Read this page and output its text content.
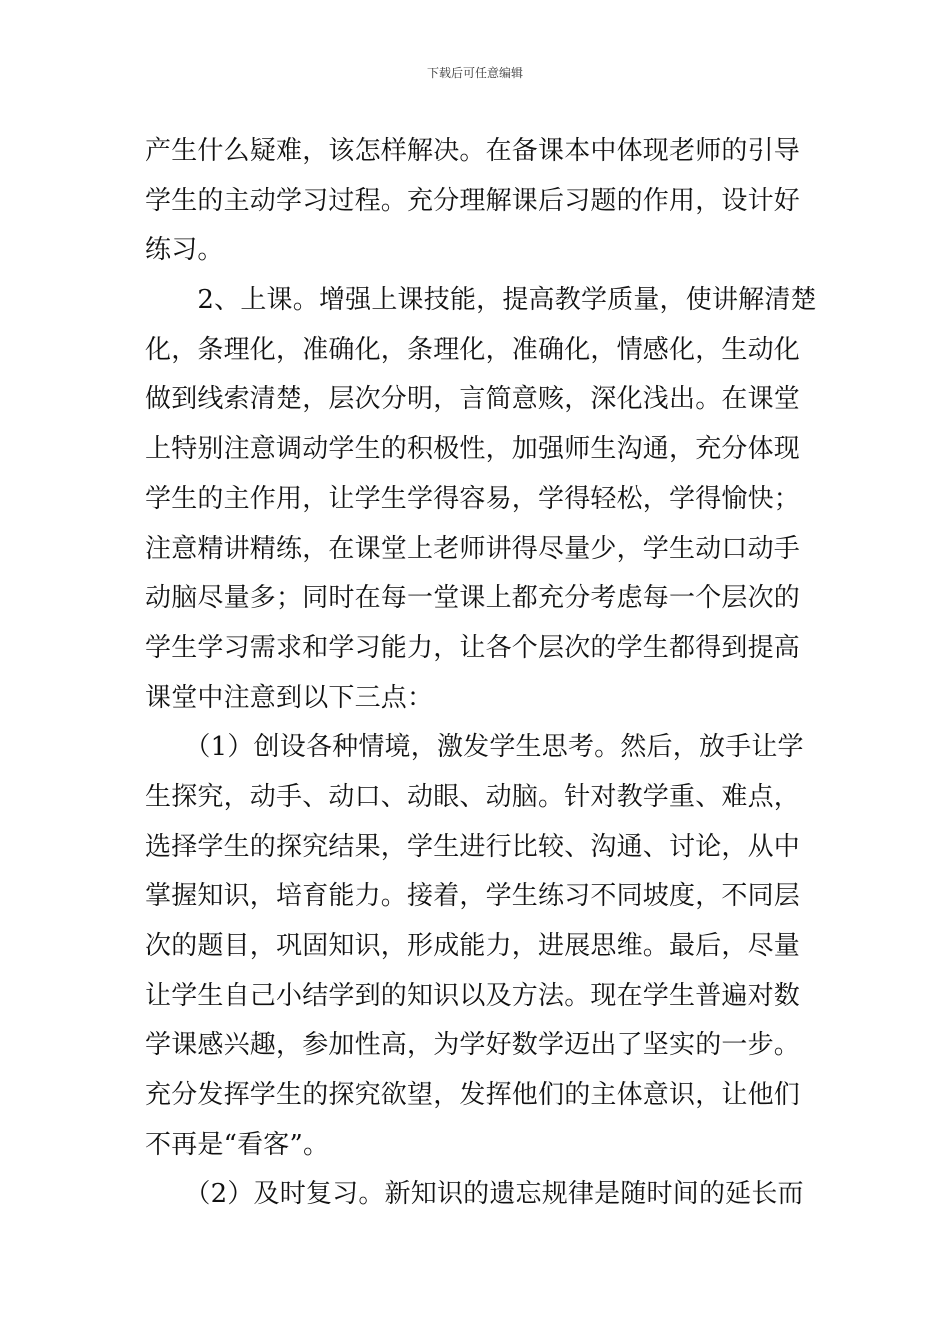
下载后可任意编辑
产生什么疑难，该怎样解决。在备课本中体现老师的引导
学生的主动学习过程。充分理解课后习题的作用，设计好
练习。
　　2、上课。增强上课技能，提高教学质量，使讲解清楚
化，条理化，准确化，条理化，准确化，情感化，生动化
做到线索清楚，层次分明，言简意赅，深化浅出。在课堂
上特别注意调动学生的积极性，加强师生沟通，充分体现
学生的主作用，让学生学得容易，学得轻松，学得愉快；
注意精讲精练，在课堂上老师讲得尽量少，学生动口动手
动脑尽量多；同时在每一堂课上都充分考虑每一个层次的
学生学习需求和学习能力，让各个层次的学生都得到提高
课堂中注意到以下三点：
　　（1）创设各种情境，激发学生思考。然后，放手让学
生探究，动手、动口、动眼、动脑。针对教学重、难点，
选择学生的探究结果，学生进行比较、沟通、讨论，从中
掌握知识，培育能力。接着，学生练习不同坡度，不同层
次的题目，巩固知识，形成能力，进展思维。最后，尽量
让学生自己小结学到的知识以及方法。现在学生普遍对数
学课感兴趣，参加性高，为学好数学迈出了坚实的一步。
充分发挥学生的探究欲望，发挥他们的主体意识，让他们
不再是“看客”。
　　（2）及时复习。新知识的遗忘规律是随时间的延长而
